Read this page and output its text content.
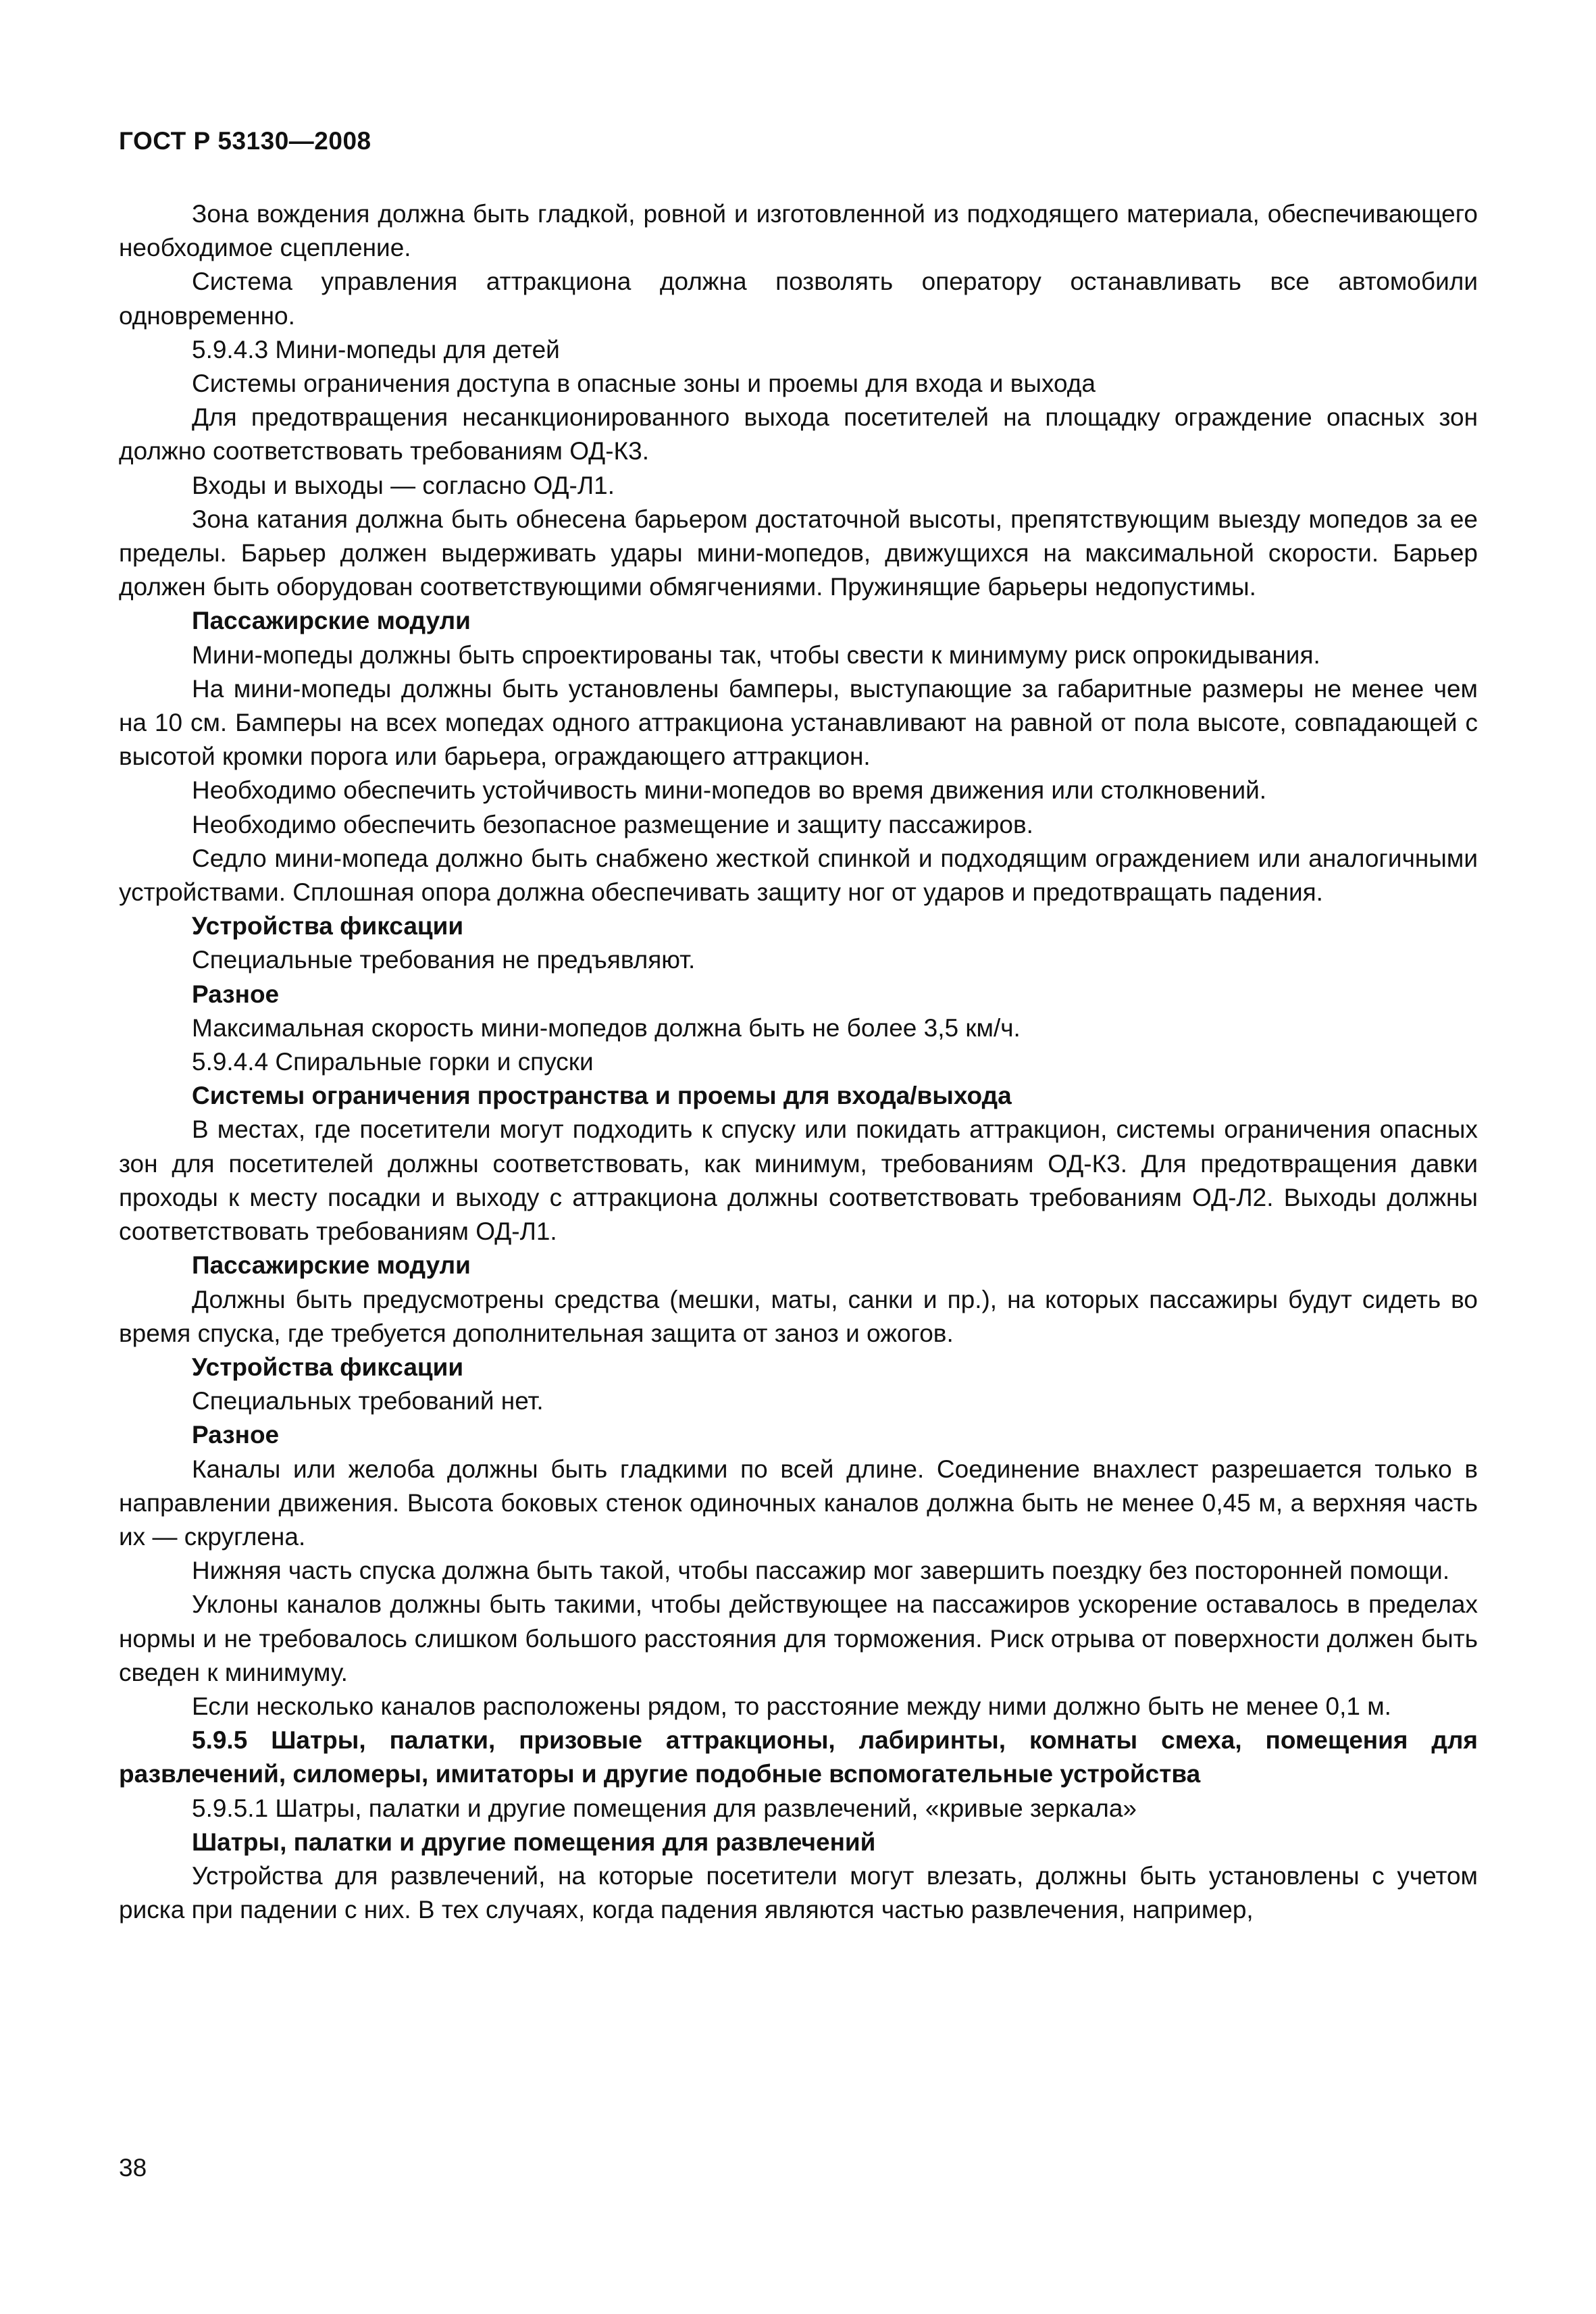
ГОСТ Р 53130—2008

Зона вождения должна быть гладкой, ровной и изготовленной из подходящего материала, обеспечивающего необходимое сцепление.

Система управления аттракциона должна позволять оператору останавливать все автомобили одновременно.

5.9.4.3 Мини-мопеды для детей

Системы ограничения доступа в опасные зоны и проемы для входа и выхода

Для предотвращения несанкционированного выхода посетителей на площадку ограждение опасных зон должно соответствовать требованиям ОД-К3.

Входы и выходы — согласно ОД-Л1.

Зона катания должна быть обнесена барьером достаточной высоты, препятствующим выезду мопедов за ее пределы. Барьер должен выдерживать удары мини-мопедов, движущихся на максимальной скорости. Барьер должен быть оборудован соответствующими обмягчениями. Пружинящие барьеры недопустимы.

Пассажирские модули

Мини-мопеды должны быть спроектированы так, чтобы свести к минимуму риск опрокидывания.

На мини-мопеды должны быть установлены бамперы, выступающие за габаритные размеры не менее чем на 10 см. Бамперы на всех мопедах одного аттракциона устанавливают на равной от пола высоте, совпадающей с высотой кромки порога или барьера, ограждающего аттракцион.

Необходимо обеспечить устойчивость мини-мопедов во время движения или столкновений.

Необходимо обеспечить безопасное размещение и защиту пассажиров.

Седло мини-мопеда должно быть снабжено жесткой спинкой и подходящим ограждением или аналогичными устройствами. Сплошная опора должна обеспечивать защиту ног от ударов и предотвращать падения.

Устройства фиксации

Специальные требования не предъявляют.

Разное

Максимальная скорость мини-мопедов должна быть не более 3,5 км/ч.

5.9.4.4 Спиральные горки и спуски

Системы ограничения пространства и проемы для входа/выхода

В местах, где посетители могут подходить к спуску или покидать аттракцион, системы ограничения опасных зон для посетителей должны соответствовать, как минимум, требованиям ОД-К3. Для предотвращения давки проходы к месту посадки и выходу с аттракциона должны соответствовать требованиям ОД-Л2. Выходы должны соответствовать требованиям ОД-Л1.

Пассажирские модули

Должны быть предусмотрены средства (мешки, маты, санки и пр.), на которых пассажиры будут сидеть во время спуска, где требуется дополнительная защита от заноз и ожогов.

Устройства фиксации

Специальных требований нет.

Разное

Каналы или желоба должны быть гладкими по всей длине. Соединение внахлест разрешается только в направлении движения. Высота боковых стенок одиночных каналов должна быть не менее 0,45 м, а верхняя часть их — скруглена.

Нижняя часть спуска должна быть такой, чтобы пассажир мог завершить поездку без посторонней помощи.

Уклоны каналов должны быть такими, чтобы действующее на пассажиров ускорение оставалось в пределах нормы и не требовалось слишком большого расстояния для торможения. Риск отрыва от поверхности должен быть сведен к минимуму.

Если несколько каналов расположены рядом, то расстояние между ними должно быть не менее 0,1 м.

5.9.5 Шатры, палатки, призовые аттракционы, лабиринты, комнаты смеха, помещения для развлечений, силомеры, имитаторы и другие подобные вспомогательные устройства

5.9.5.1 Шатры, палатки и другие помещения для развлечений, «кривые зеркала»

Шатры, палатки и другие помещения для развлечений

Устройства для развлечений, на которые посетители могут влезать, должны быть установлены с учетом риска при падении с них. В тех случаях, когда падения являются частью развлечения, например,

38
